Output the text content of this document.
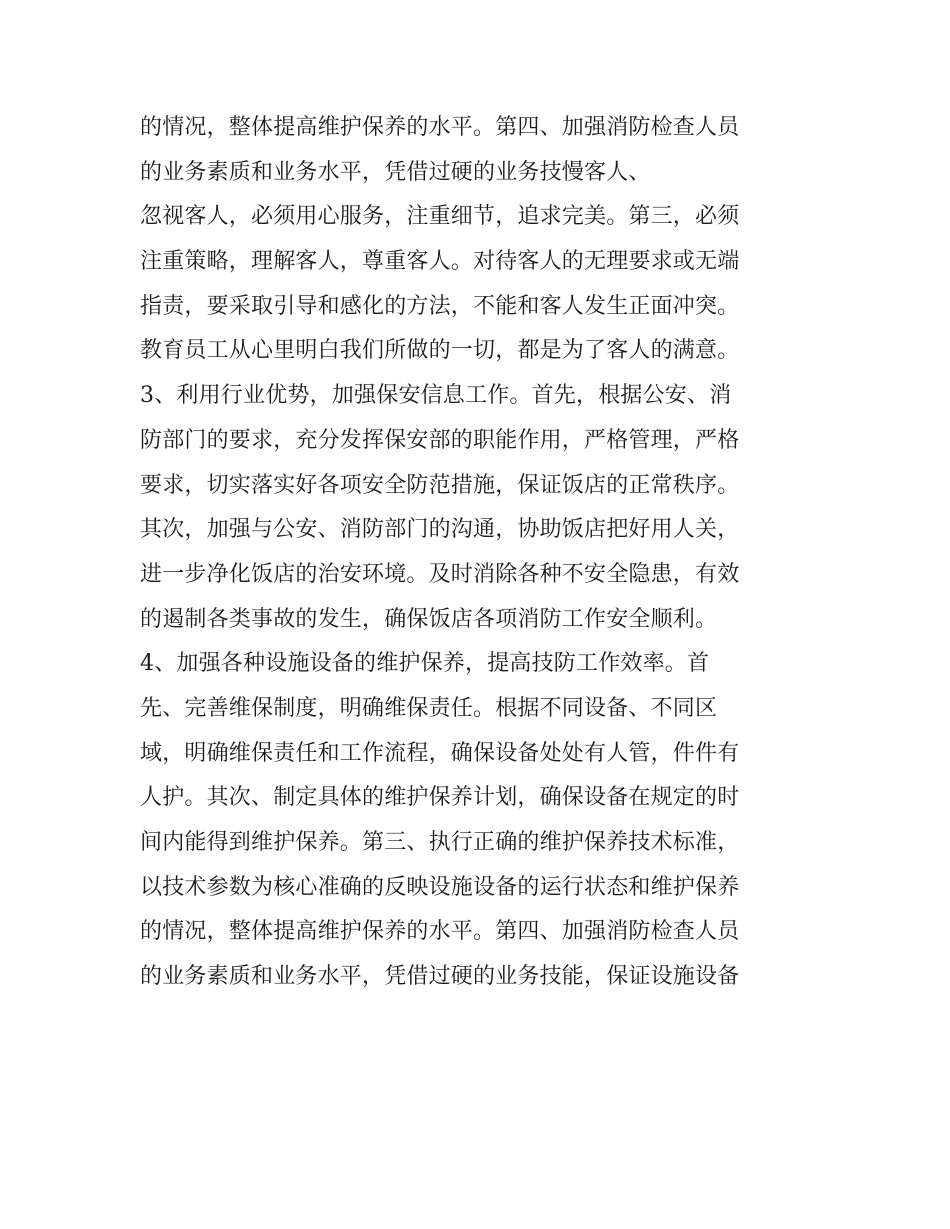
的情况，整体提高维护保养的水平。第四、加强消防检查人员
的业务素质和业务水平，凭借过硬的业务技慢客人、
忽视客人，必须用心服务，注重细节，追求完美。第三，必须
注重策略，理解客人，尊重客人。对待客人的无理要求或无端
指责，要采取引导和感化的方法，不能和客人发生正面冲突。
教育员工从心里明白我们所做的一切，都是为了客人的满意。
3、利用行业优势，加强保安信息工作。首先，根据公安、消
防部门的要求，充分发挥保安部的职能作用，严格管理，严格
要求，切实落实好各项安全防范措施，保证饭店的正常秩序。
其次，加强与公安、消防部门的沟通，协助饭店把好用人关，
进一步净化饭店的治安环境。及时消除各种不安全隐患，有效
的遏制各类事故的发生，确保饭店各项消防工作安全顺利。
4、加强各种设施设备的维护保养，提高技防工作效率。首
先、完善维保制度，明确维保责任。根据不同设备、不同区
域，明确维保责任和工作流程，确保设备处处有人管，件件有
人护。其次、制定具体的维护保养计划，确保设备在规定的时
间内能得到维护保养。第三、执行正确的维护保养技术标准，
以技术参数为核心准确的反映设施设备的运行状态和维护保养
的情况，整体提高维护保养的水平。第四、加强消防检查人员
的业务素质和业务水平，凭借过硬的业务技能，保证设施设备
